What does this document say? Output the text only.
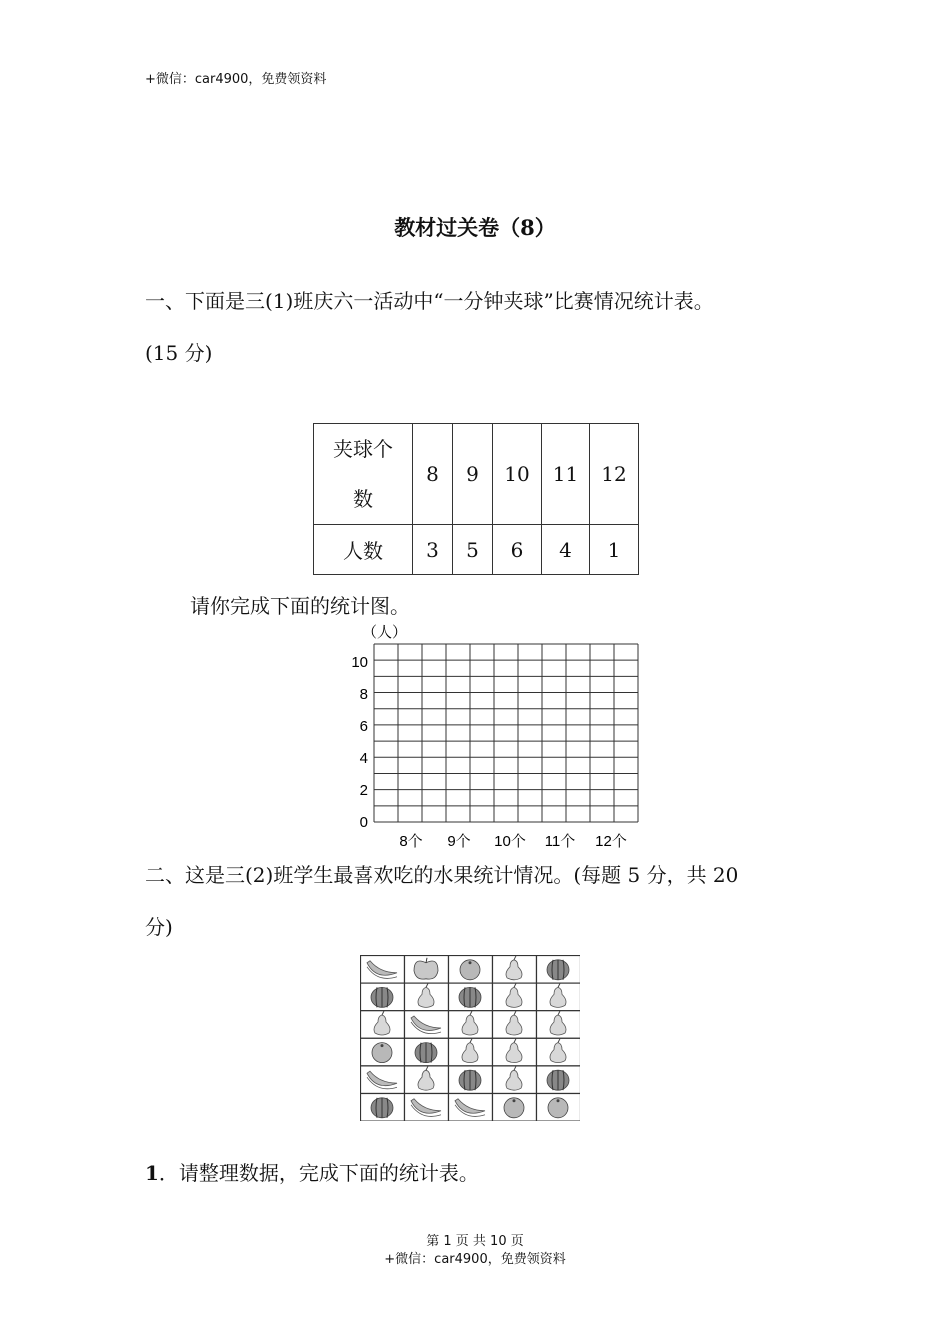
+微信：car4900，免费领资料
教材过关卷（8）
一、下面是三(1)班庆六一活动中“一分钟夹球”比赛情况统计表。
(15 分)
夹球个
数	8	9	10	11	12
人数	3	5	6	4	1
请你完成下面的统计图。
（人）
10
8
6
4
2
0
8个 9个 10个 11个 12个
二、这是三(2)班学生最喜欢吃的水果统计情况。(每题 5 分，共 20
分)
1．请整理数据，完成下面的统计表。
第 1 页 共 10 页
+微信：car4900，免费领资料
